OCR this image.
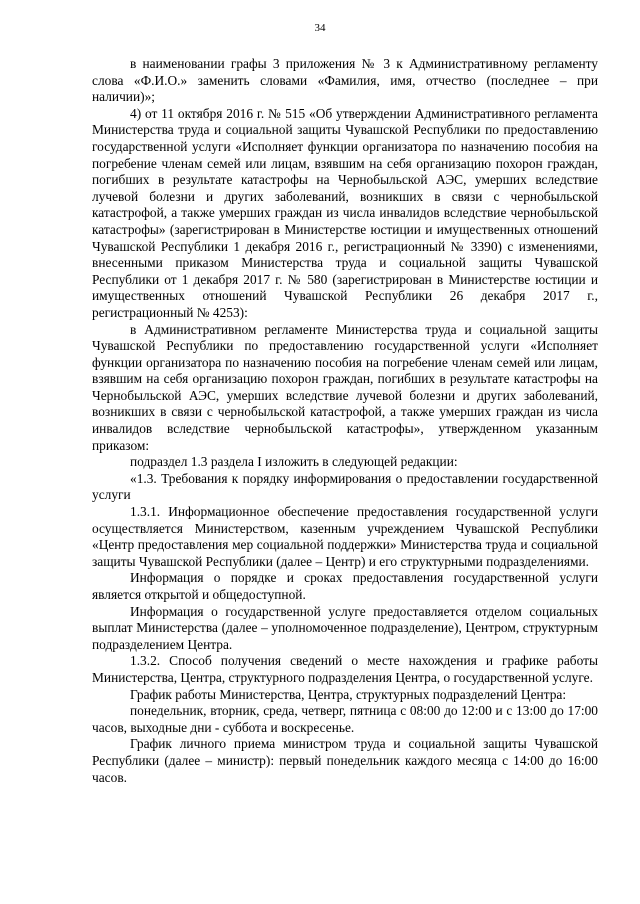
34

в наименовании графы 3 приложения № 3 к Административному регламенту слова «Ф.И.О.» заменить словами «Фамилия, имя, отчество (последнее – при наличии)»;

4) от 11 октября 2016 г. № 515 «Об утверждении Административного регламента Министерства труда и социальной защиты Чувашской Республики по предоставлению государственной услуги «Исполняет функции организатора по назначению пособия на погребение членам семей или лицам, взявшим на себя организацию похорон граждан, погибших в результате катастрофы на Чернобыльской АЭС, умерших вследствие лучевой болезни и других заболеваний, возникших в связи с чернобыльской катастрофой, а также умерших граждан из числа инвалидов вследствие чернобыльской катастрофы» (зарегистрирован в Министерстве юстиции и имущественных отношений Чувашской Республики 1 декабря 2016 г., регистрационный № 3390) с изменениями, внесенными приказом Министерства труда и социальной защиты Чувашской Республики от 1 декабря 2017 г. № 580 (зарегистрирован в Министерстве юстиции и имущественных отношений Чувашской Республики 26 декабря 2017 г., регистрационный № 4253):

в Административном регламенте Министерства труда и социальной защиты Чувашской Республики по предоставлению государственной услуги «Исполняет функции организатора по назначению пособия на погребение членам семей или лицам, взявшим на себя организацию похорон граждан, погибших в результате катастрофы на Чернобыльской АЭС, умерших вследствие лучевой болезни и других заболеваний, возникших в связи с чернобыльской катастрофой, а также умерших граждан из числа инвалидов вследствие чернобыльской катастрофы», утвержденном указанным приказом:

подраздел 1.3 раздела I изложить в следующей редакции:

«1.3. Требования к порядку информирования о предоставлении государственной услуги

1.3.1. Информационное обеспечение предоставления государственной услуги осуществляется Министерством, казенным учреждением Чувашской Республики «Центр предоставления мер социальной поддержки» Министерства труда и социальной защиты Чувашской Республики (далее – Центр) и его структурными подразделениями.

Информация о порядке и сроках предоставления государственной услуги является открытой и общедоступной.

Информация о государственной услуге предоставляется отделом социальных выплат Министерства (далее – уполномоченное подразделение), Центром, структурным подразделением Центра.

1.3.2. Способ получения сведений о месте нахождения и графике работы Министерства, Центра, структурного подразделения Центра, о государственной услуге.

График работы Министерства, Центра, структурных подразделений Центра:

понедельник, вторник, среда, четверг, пятница с 08:00 до 12:00 и с 13:00 до 17:00 часов, выходные дни - суббота и воскресенье.

График личного приема министром труда и социальной защиты Чувашской Республики (далее – министр): первый понедельник каждого месяца с 14:00 до 16:00 часов.
